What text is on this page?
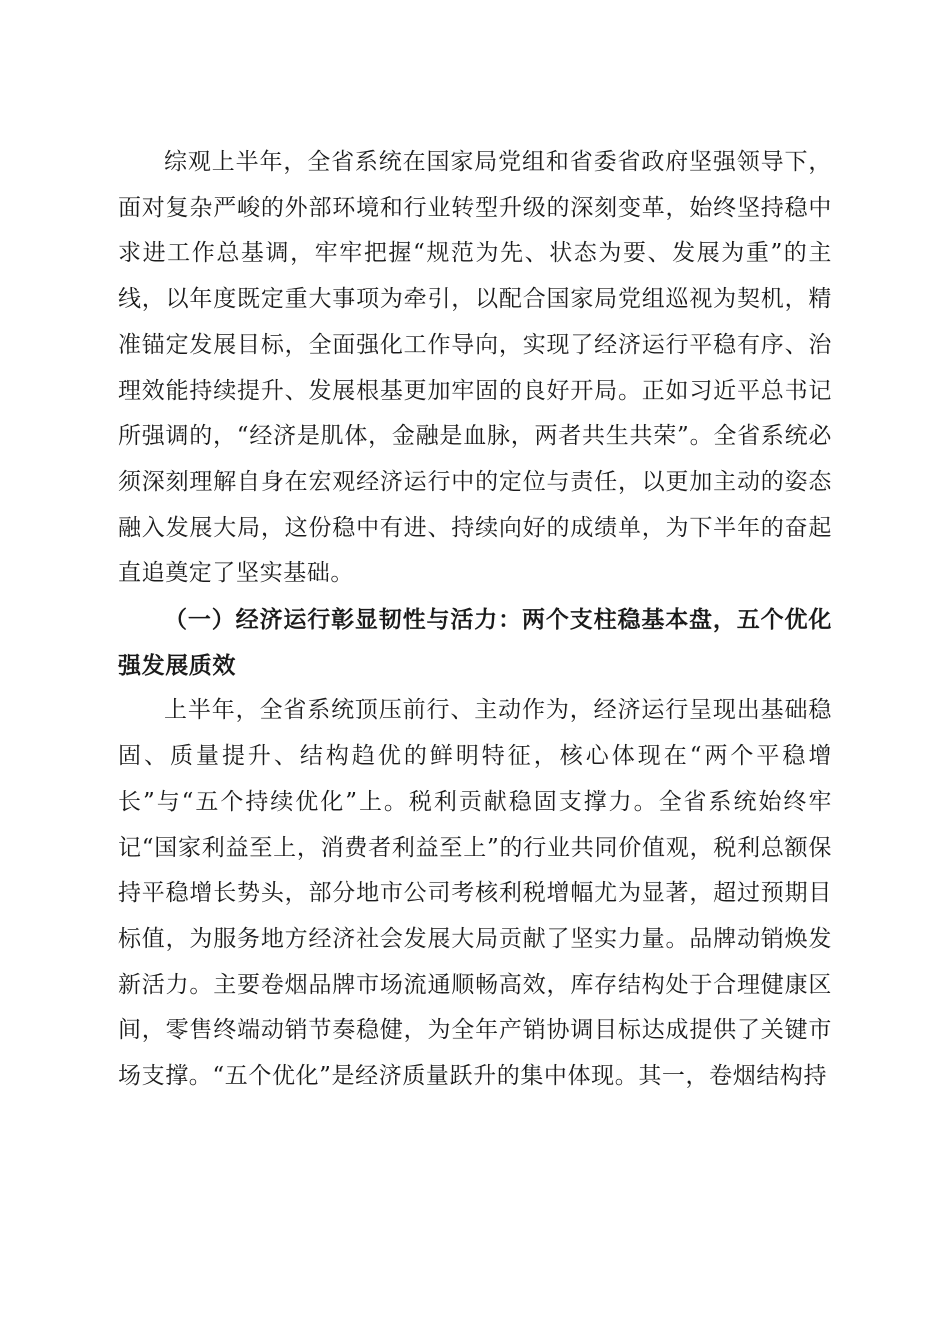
综观上半年，全省系统在国家局党组和省委省政府坚强领导下，面对复杂严峻的外部环境和行业转型升级的深刻变革，始终坚持稳中求进工作总基调，牢牢把握“规范为先、状态为要、发展为重”的主线，以年度既定重大事项为牵引，以配合国家局党组巡视为契机，精准锚定发展目标，全面强化工作导向，实现了经济运行平稳有序、治理效能持续提升、发展根基更加牢固的良好开局。正如习近平总书记所强调的，“经济是肌体，金融是血脉，两者共生共荣”。全省系统必须深刻理解自身在宏观经济运行中的定位与责任，以更加主动的姿态融入发展大局，这份稳中有进、持续向好的成绩单，为下半年的奋起直追奠定了坚实基础。

（一）经济运行彰显韧性与活力：两个支柱稳基本盘，五个优化强发展质效

上半年，全省系统顶压前行、主动作为，经济运行呈现出基础稳固、质量提升、结构趋优的鲜明特征，核心体现在“两个平稳增长”与“五个持续优化”上。税利贡献稳固支撑力。全省系统始终牢记“国家利益至上，消费者利益至上”的行业共同价值观，税利总额保持平稳增长势头，部分地市公司考核利税增幅尤为显著，超过预期目标值，为服务地方经济社会发展大局贡献了坚实力量。品牌动销焕发新活力。主要卷烟品牌市场流通顺畅高效，库存结构处于合理健康区间，零售终端动销节奏稳健，为全年产销协调目标达成提供了关键市场支撑。“五个优化”是经济质量跃升的集中体现。其一，卷烟结构持
